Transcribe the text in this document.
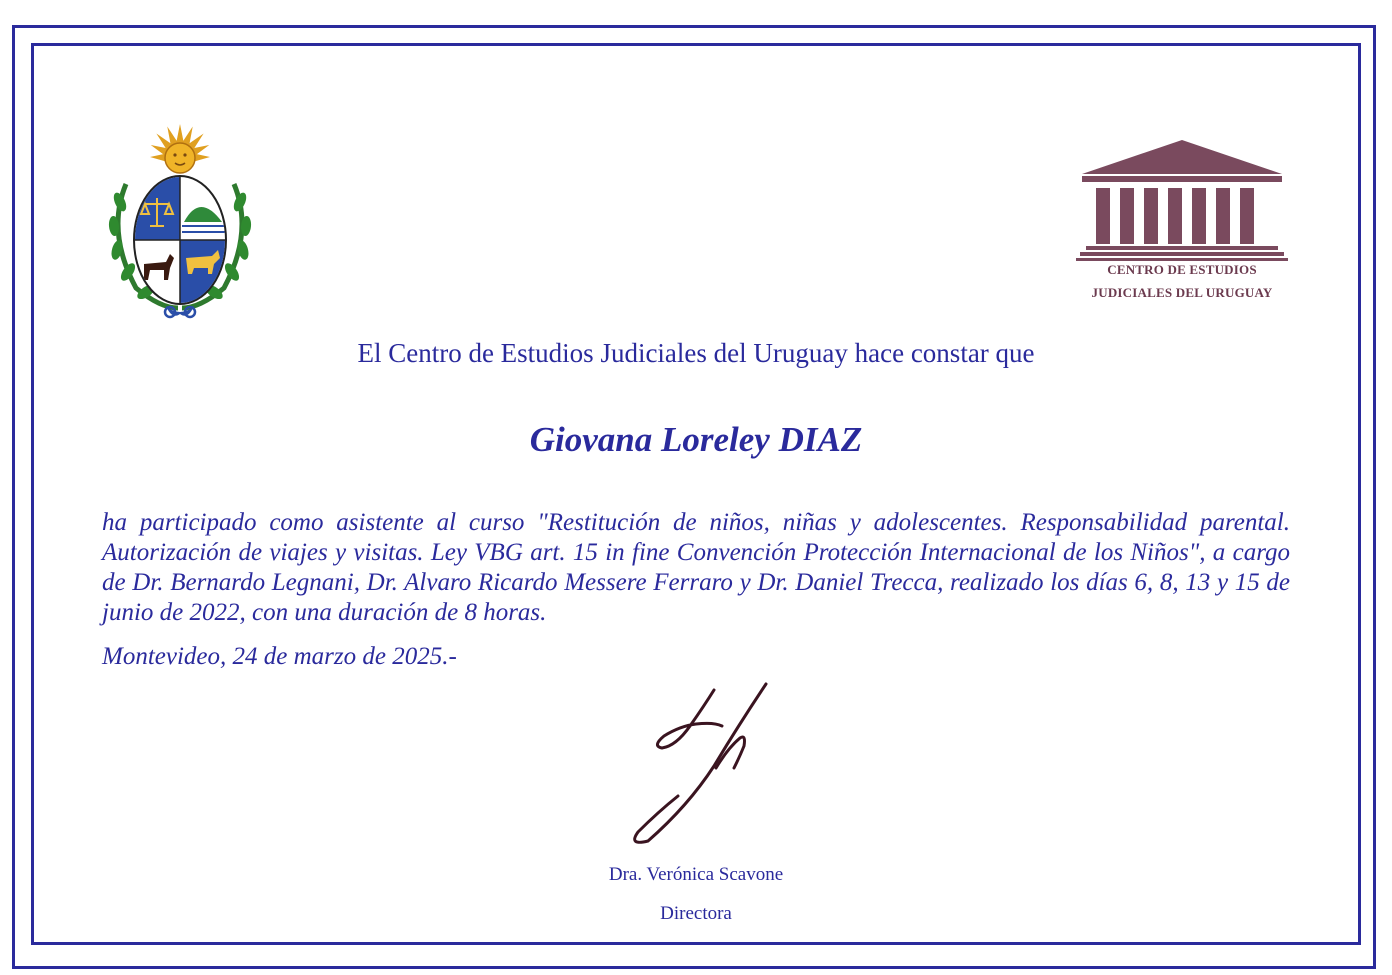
CENTRO DE ESTUDIOS
JUDICIALES DEL URUGUAY
El Centro de Estudios Judiciales del Uruguay hace constar que
Giovana Loreley DIAZ

ha participado como asistente al curso "Restitución de niños, niñas y adolescentes. Responsabilidad parental. Autorización de viajes y visitas. Ley VBG art. 15 in fine Convención Protección Internacional de los Niños", a cargo de Dr. Bernardo Legnani, Dr. Alvaro Ricardo Messere Ferraro y Dr. Daniel Trecca, realizado los días 6, 8, 13 y 15 de junio de 2022, con una duración de 8 horas.

Montevideo, 24 de marzo de 2025.-
Dra. Verónica Scavone
Directora
